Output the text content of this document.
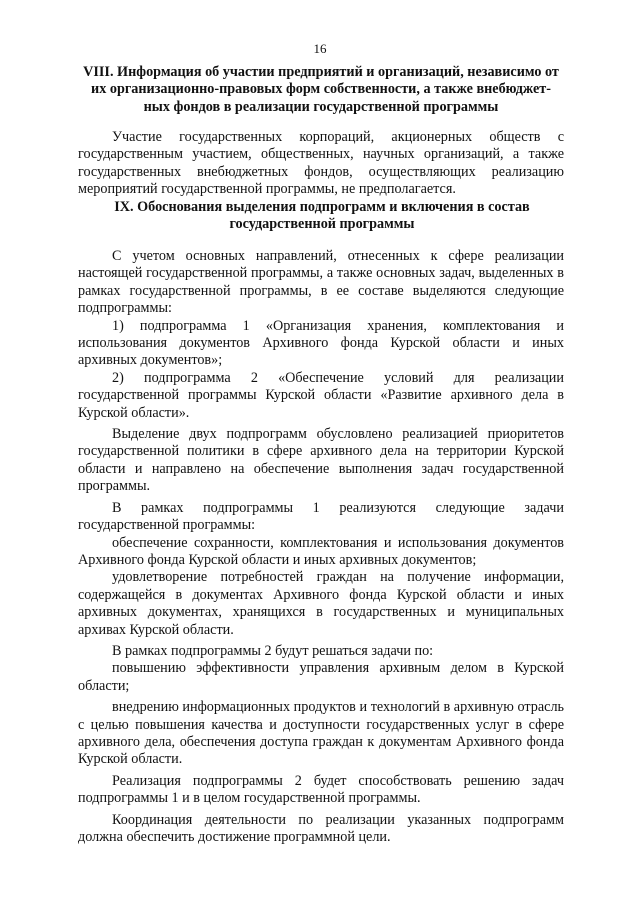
16
VIII. Информация об участии предприятий и организаций, независимо от
их организационно-правовых форм собственности, а также внебюджет-
ных фондов в реализации государственной программы
Участие государственных корпораций, акционерных обществ с государственным участием, общественных, научных организаций, а также государственных внебюджетных фондов, осуществляющих реализацию мероприятий государственной программы, не предполагается.
IX. Обоснования выделения подпрограмм и включения в состав
государственной программы

С учетом основных направлений, отнесенных к сфере реализации настоящей государственной программы, а также основных задач, выделенных в рамках государственной программы, в ее составе выделяются следующие подпрограммы:

1) подпрограмма 1 «Организация хранения, комплектования и использования документов Архивного фонда Курской области и иных архивных документов»;

2) подпрограмма 2 «Обеспечение условий для реализации государственной программы Курской области «Развитие архивного дела в Курской области».

Выделение двух подпрограмм обусловлено реализацией приоритетов государственной политики в сфере архивного дела на территории Курской области и направлено на обеспечение выполнения задач государственной программы.

В рамках подпрограммы 1 реализуются следующие задачи государственной программы:

обеспечение сохранности, комплектования и использования документов Архивного фонда Курской области и иных архивных документов;

удовлетворение потребностей граждан на получение информации, содержащейся в документах Архивного фонда Курской области и иных архивных документах, хранящихся в государственных и муниципальных архивах Курской области.

В рамках подпрограммы 2 будут решаться задачи по:

повышению эффективности управления архивным делом в Курской области;

внедрению информационных продуктов и технологий в архивную отрасль с целью повышения качества и доступности государственных услуг в сфере архивного дела, обеспечения доступа граждан к документам Архивного фонда Курской области.

Реализация подпрограммы 2 будет способствовать решению задач подпрограммы 1 и в целом государственной программы.

Координация деятельности по реализации указанных подпрограмм должна обеспечить достижение программной цели.
